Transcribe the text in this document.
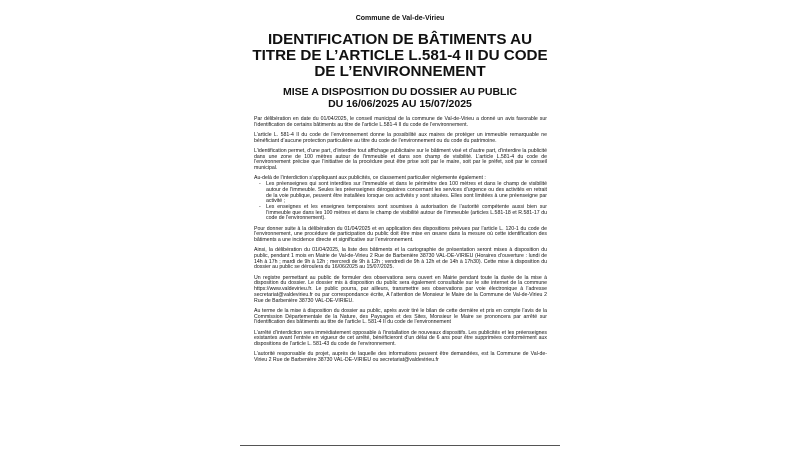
Commune de Val-de-Virieu
IDENTIFICATION DE BÂTIMENTS AU
TITRE DE L’ARTICLE L.581-4 II DU CODE
DE L’ENVIRONNEMENT
MISE A DISPOSITION DU DOSSIER AU PUBLIC
DU 16/06/2025 AU 15/07/2025

Par délibération en date du 01/04/2025, le conseil municipal de la commune de Val-de-Virieu a donné un avis favorable sur l’identification de certains bâtiments au titre de l’article L.581-4 II du code de l’environnement.

L’article L. 581-4 II du code de l’environnement donne la possibilité aux maires de protéger un immeuble remarquable ne bénéficiant d’aucune protection particulière au titre du code de l’environnement ou du code du patrimoine.

L’identification permet, d’une part, d’interdire tout affichage publicitaire sur le bâtiment visé et d’autre part, d’interdire la publicité dans une zone de 100 mètres autour de l’immeuble et dans son champ de visibilité. L’article L.581-4 du code de l’environnement précise que l’initiative de la procédure peut être prise soit par le maire, soit par le préfet, soit par le conseil municipal.

Au-delà de l’interdiction s’appliquant aux publicités, ce classement particulier réglemente également :

- Les préenseignes qui sont interdites sur l’immeuble et dans le périmètre des 100 mètres et dans le champ de visibilité autour de l’immeuble. Seules les préenseignes dérogatoires concernant les services d’urgence ou des activités en retrait de la voie publique, peuvent être installées lorsque ces activités y sont situées. Elles sont limitées à une préenseigne par activité ;
- Les enseignes et les enseignes temporaires sont soumises à autorisation de l’autorité compétente aussi bien sur l’immeuble que dans les 100 mètres et dans le champ de visibilité autour de l’immeuble (articles L.581-18 et R.581-17 du code de l’environnement).

Pour donner suite à la délibération du 01/04/2025 et en application des dispositions prévues par l’article L. 120-1 du code de l’environnement, une procédure de participation du public doit être mise en œuvre dans la mesure où cette identification des bâtiments a une incidence directe et significative sur l’environnement.

Ainsi, la délibération du 01/04/2025, la liste des bâtiments et la cartographie de présentation seront mises à disposition du public, pendant 1 mois en Mairie de Val-de-Virieu 2 Rue de Barbenière 38730 VAL-DE-VIRIEU (Horaires d’ouverture : lundi de 14h à 17h ; mardi de 9h à 12h ; mercredi de 9h à 12h ; vendredi de 9h à 12h et de 14h à 17h30). Cette mise à disposition du dossier au public se déroulera du 16/06/2025 au 15/07/2025.

Un registre permettant au public de formuler des observations sera ouvert en Mairie pendant toute la durée de la mise à disposition du dossier. Le dossier mis à disposition du public sera également consultable sur le site internet de la commune https://www.valdevirieu.fr. Le public pourra, par ailleurs, transmettre ses observations par voie électronique à l’adresse secretariat@valdevirieu.fr ou par correspondance écrite, A l’attention de Monsieur le Maire de la Commune de Val-de-Virieu 2 Rue de Barbenière 38730 VAL-DE-VIRIEU.

Au terme de la mise à disposition du dossier au public, après avoir tiré le bilan de cette dernière et pris en compte l’avis de la Commission Départementale de la Nature, des Paysages et des Sites, Monsieur le Maire se prononcera par arrêté sur l’identification des bâtiments au titre de l’article L. 581-4 II du code de l’environnement

L’arrêté d’interdiction sera immédiatement opposable à l’installation de nouveaux dispositifs. Les publicités et les préenseignes existantes avant l’entrée en vigueur de cet arrêté, bénéficieront d’un délai de 6 ans pour être supprimées conformément aux dispositions de l’article L. 581-43 du code de l’environnement.

L’autorité responsable du projet, auprès de laquelle des informations peuvent être demandées, est la Commune de Val-de-Virieu 2 Rue de Barbenière 38730 VAL-DE-VIRIEU ou secretariat@valdevirieu.fr
